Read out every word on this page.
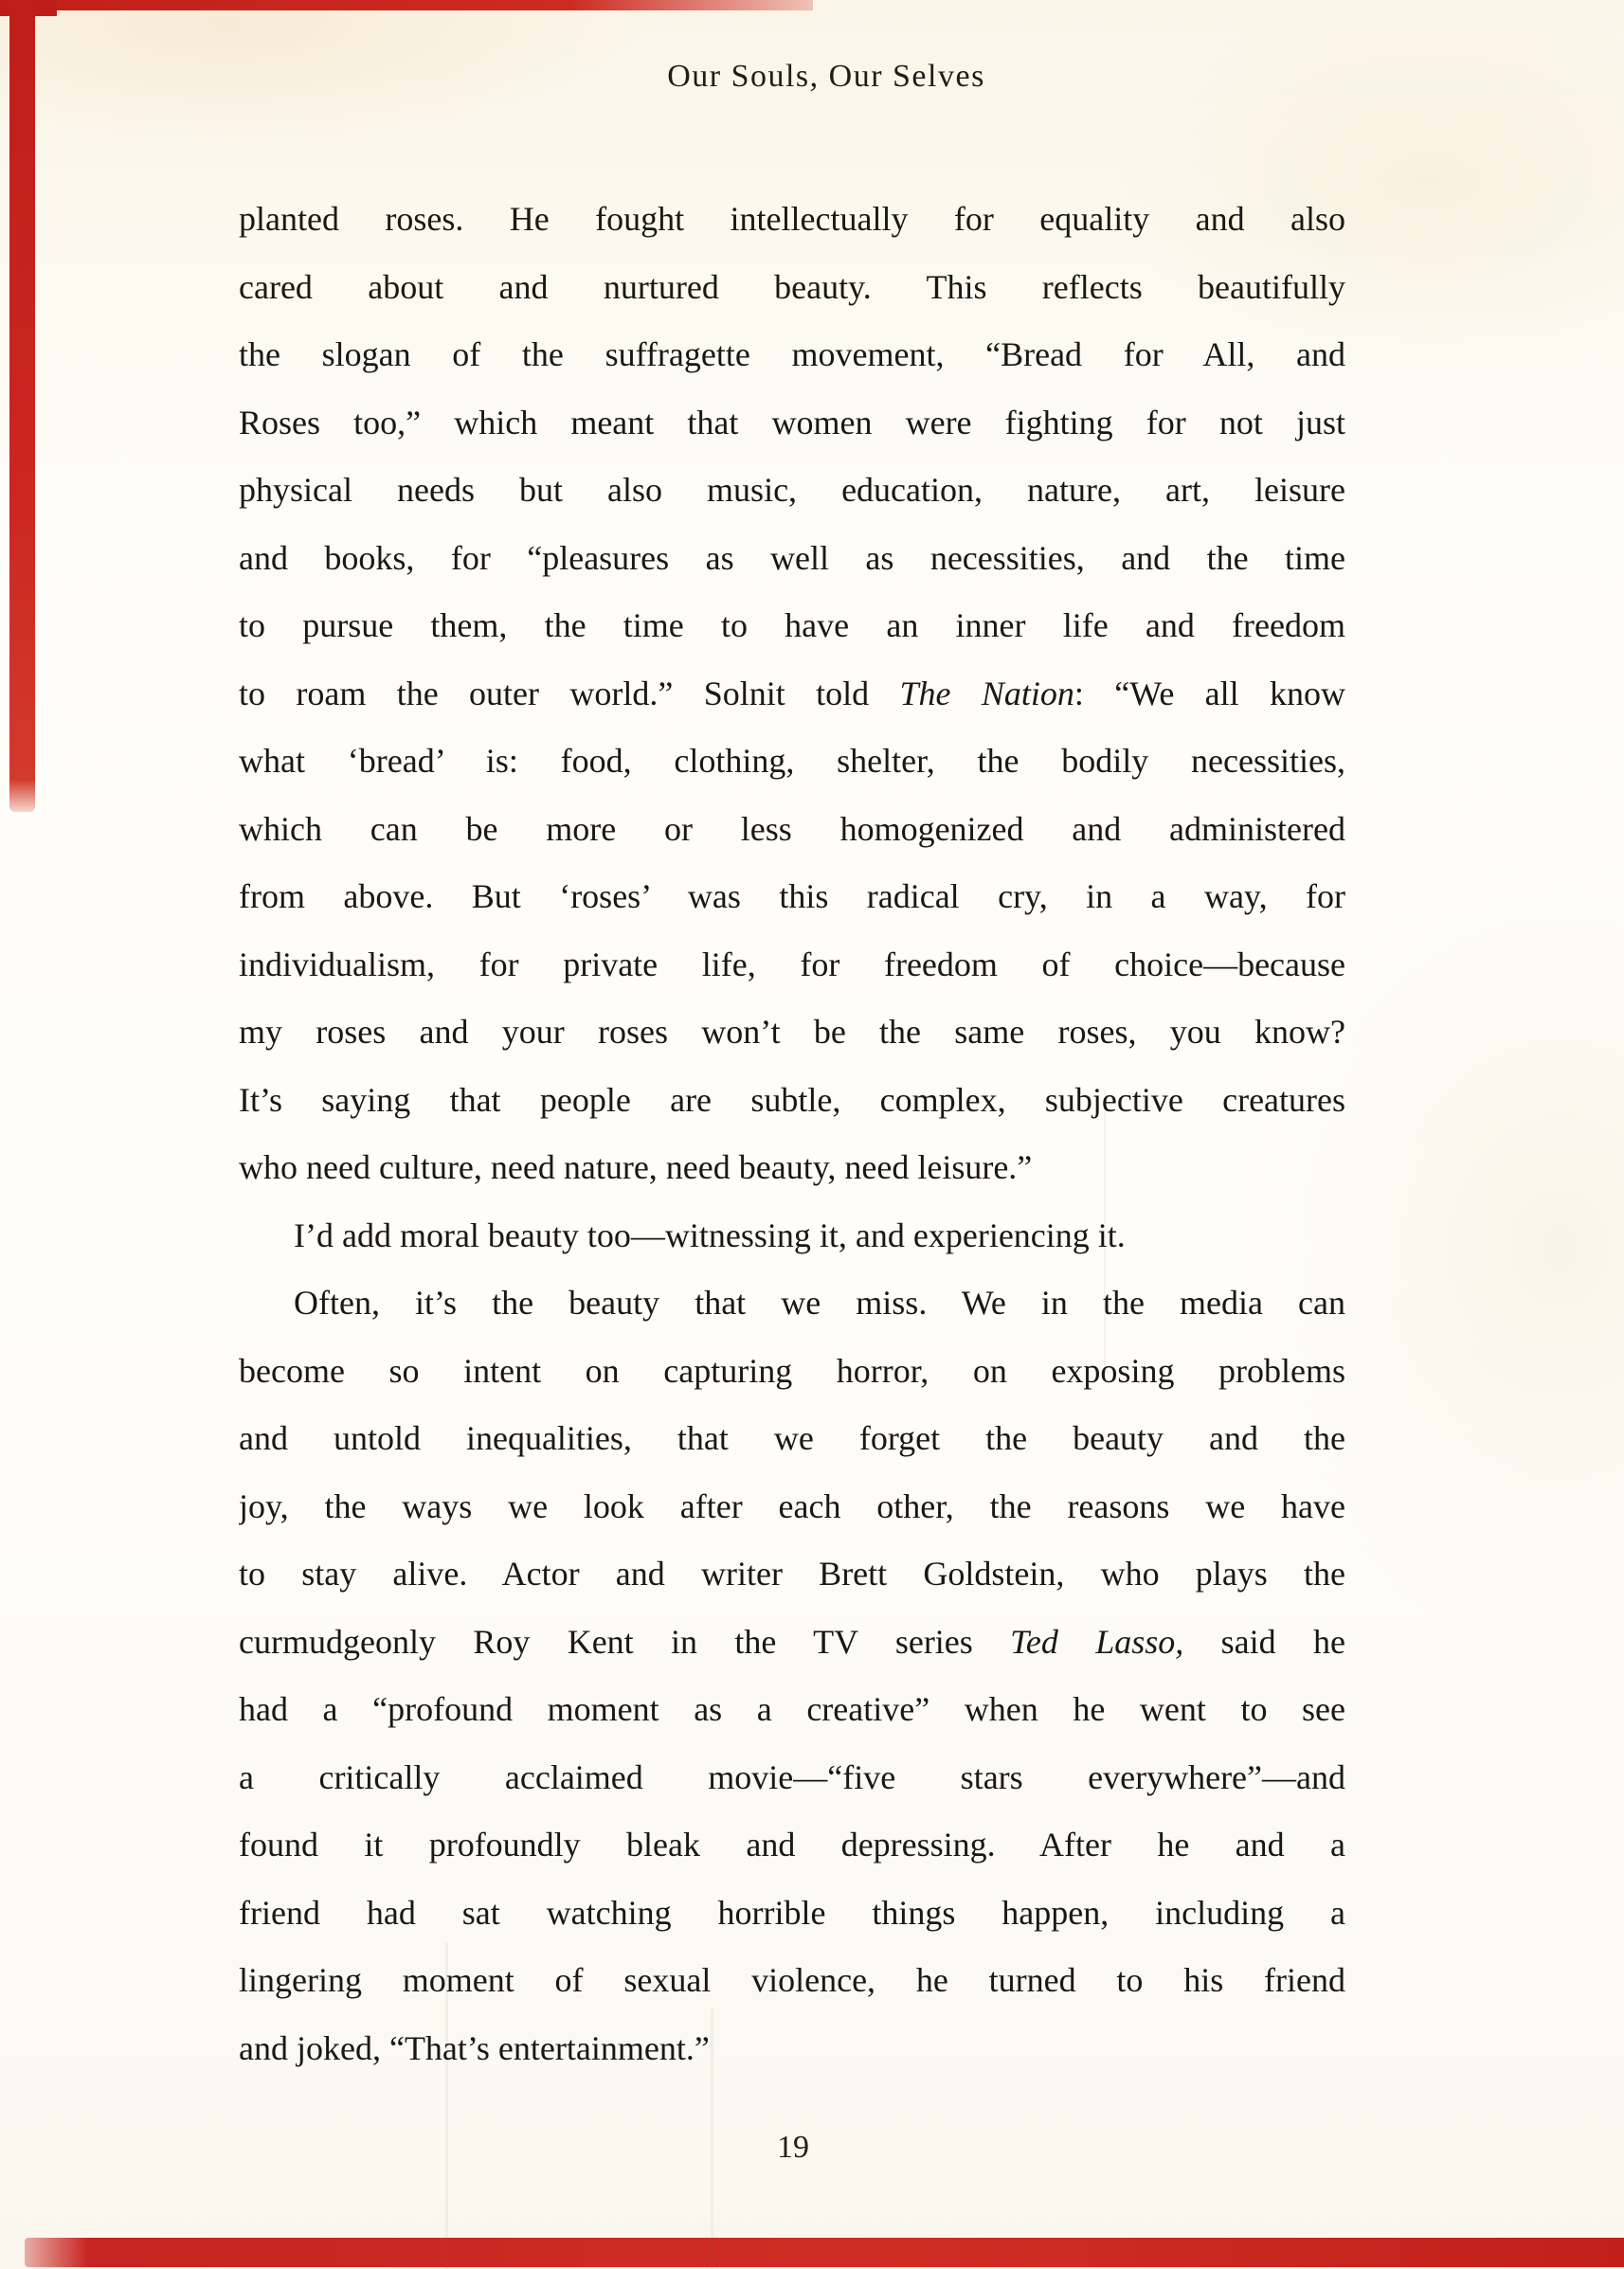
Our Souls, Our Selves
planted roses. He fought intellectually for equality and also
cared about and nurtured beauty. This reflects beautifully
the slogan of the suffragette movement, “Bread for All, and
Roses too,” which meant that women were fighting for not just
physical needs but also music, education, nature, art, leisure
and books, for “pleasures as well as necessities, and the time
to pursue them, the time to have an inner life and freedom
to roam the outer world.” Solnit told The Nation: “We all know
what ‘bread’ is: food, clothing, shelter, the bodily necessities,
which can be more or less homogenized and administered
from above. But ‘roses’ was this radical cry, in a way, for
individualism, for private life, for freedom of choice—because
my roses and your roses won’t be the same roses, you know?
It’s saying that people are subtle, complex, subjective creatures
who need culture, need nature, need beauty, need leisure.”
I’d add moral beauty too—witnessing it, and experiencing it.
Often, it’s the beauty that we miss. We in the media can
become so intent on capturing horror, on exposing problems
and untold inequalities, that we forget the beauty and the
joy, the ways we look after each other, the reasons we have
to stay alive. Actor and writer Brett Goldstein, who plays the
curmudgeonly Roy Kent in the TV series Ted Lasso, said he
had a “profound moment as a creative” when he went to see
a critically acclaimed movie—“five stars everywhere”—and
found it profoundly bleak and depressing. After he and a
friend had sat watching horrible things happen, including a
lingering moment of sexual violence, he turned to his friend
and joked, “That’s entertainment.”
19
